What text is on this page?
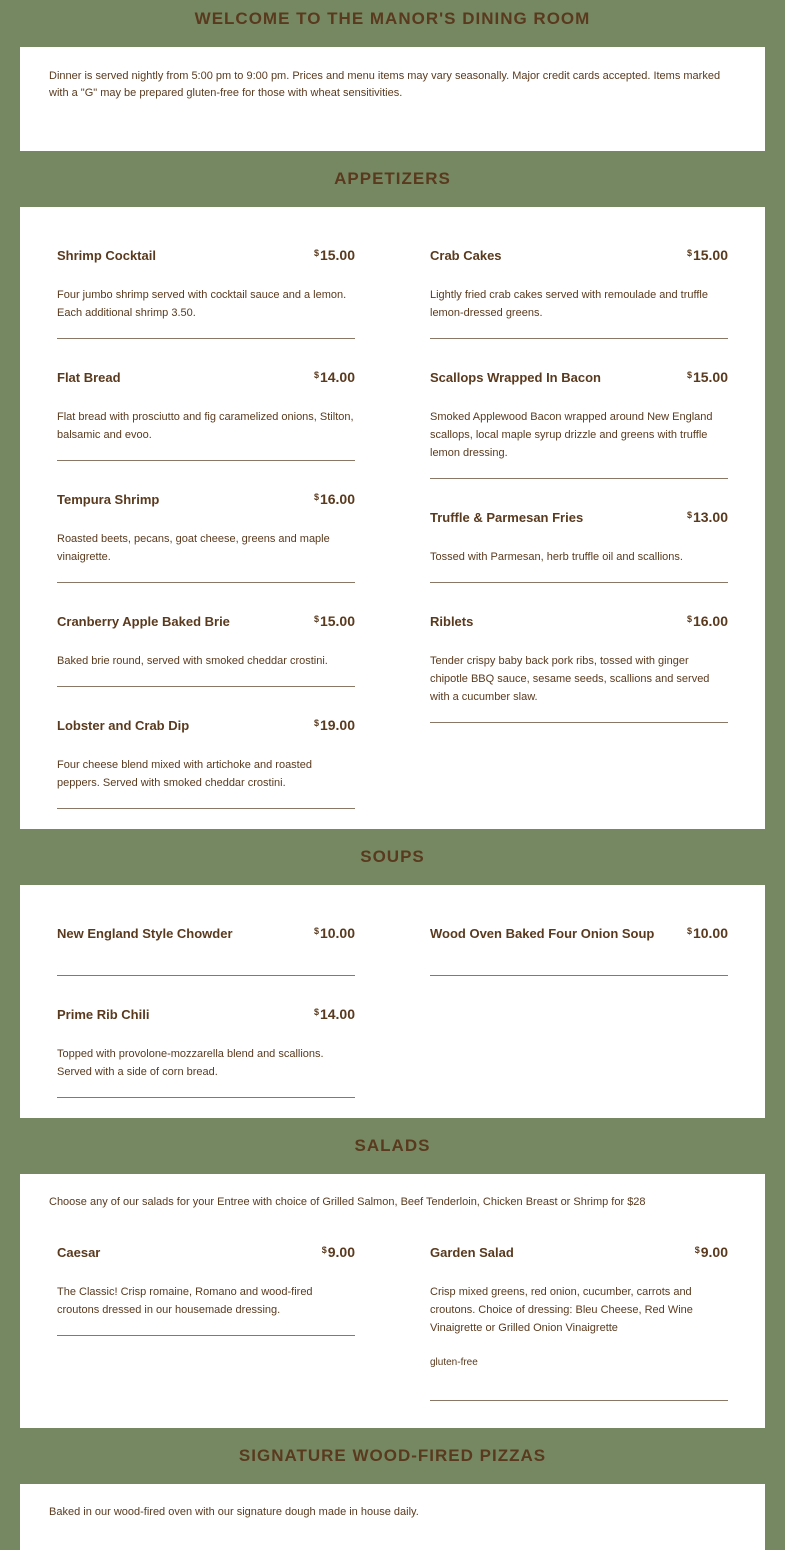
WELCOME TO THE MANOR'S DINING ROOM

Dinner is served nightly from 5:00 pm to 9:00 pm. Prices and menu items may vary seasonally. Major credit cards accepted. Items marked with a "G" may be prepared gluten-free for those with wheat sensitivities.

APPETIZERS
Shrimp Cocktail	$15.00

Four jumbo shrimp served with cocktail sauce and a lemon. Each additional shrimp 3.50.

Flat Bread	$14.00

Flat bread with prosciutto and fig caramelized onions, Stilton, balsamic and evoo.

Tempura Shrimp	$16.00

Roasted beets, pecans, goat cheese, greens and maple vinaigrette.

Cranberry Apple Baked Brie	$15.00

Baked brie round, served with smoked cheddar crostini.

Lobster and Crab Dip	$19.00

Four cheese blend mixed with artichoke and roasted peppers. Served with smoked cheddar crostini.

Crab Cakes	$15.00

Lightly fried crab cakes served with remoulade and truffle lemon-dressed greens.

Scallops Wrapped In Bacon	$15.00

Smoked Applewood Bacon wrapped around New England scallops, local maple syrup drizzle and greens with truffle lemon dressing.

Truffle & Parmesan Fries	$13.00

Tossed with Parmesan, herb truffle oil and scallions.

Riblets	$16.00

Tender crispy baby back pork ribs, tossed with ginger chipotle BBQ sauce, sesame seeds, scallions and served with a cucumber slaw.

SOUPS
New England Style Chowder	$10.00
Prime Rib Chili	$14.00

Topped with provolone-mozzarella blend and scallions. Served with a side of corn bread.

Wood Oven Baked Four Onion Soup	$10.00
SALADS

Choose any of our salads for your Entree with choice of Grilled Salmon, Beef Tenderloin, Chicken Breast or Shrimp for $28

Caesar	$9.00

The Classic! Crisp romaine, Romano and wood-fired croutons dressed in our housemade dressing.

Garden Salad	$9.00

Crisp mixed greens, red onion, cucumber, carrots and croutons. Choice of dressing: Bleu Cheese, Red Wine Vinaigrette or Grilled Onion Vinaigrette

gluten-free

SIGNATURE WOOD-FIRED PIZZAS

Baked in our wood-fired oven with our signature dough made in house daily.
